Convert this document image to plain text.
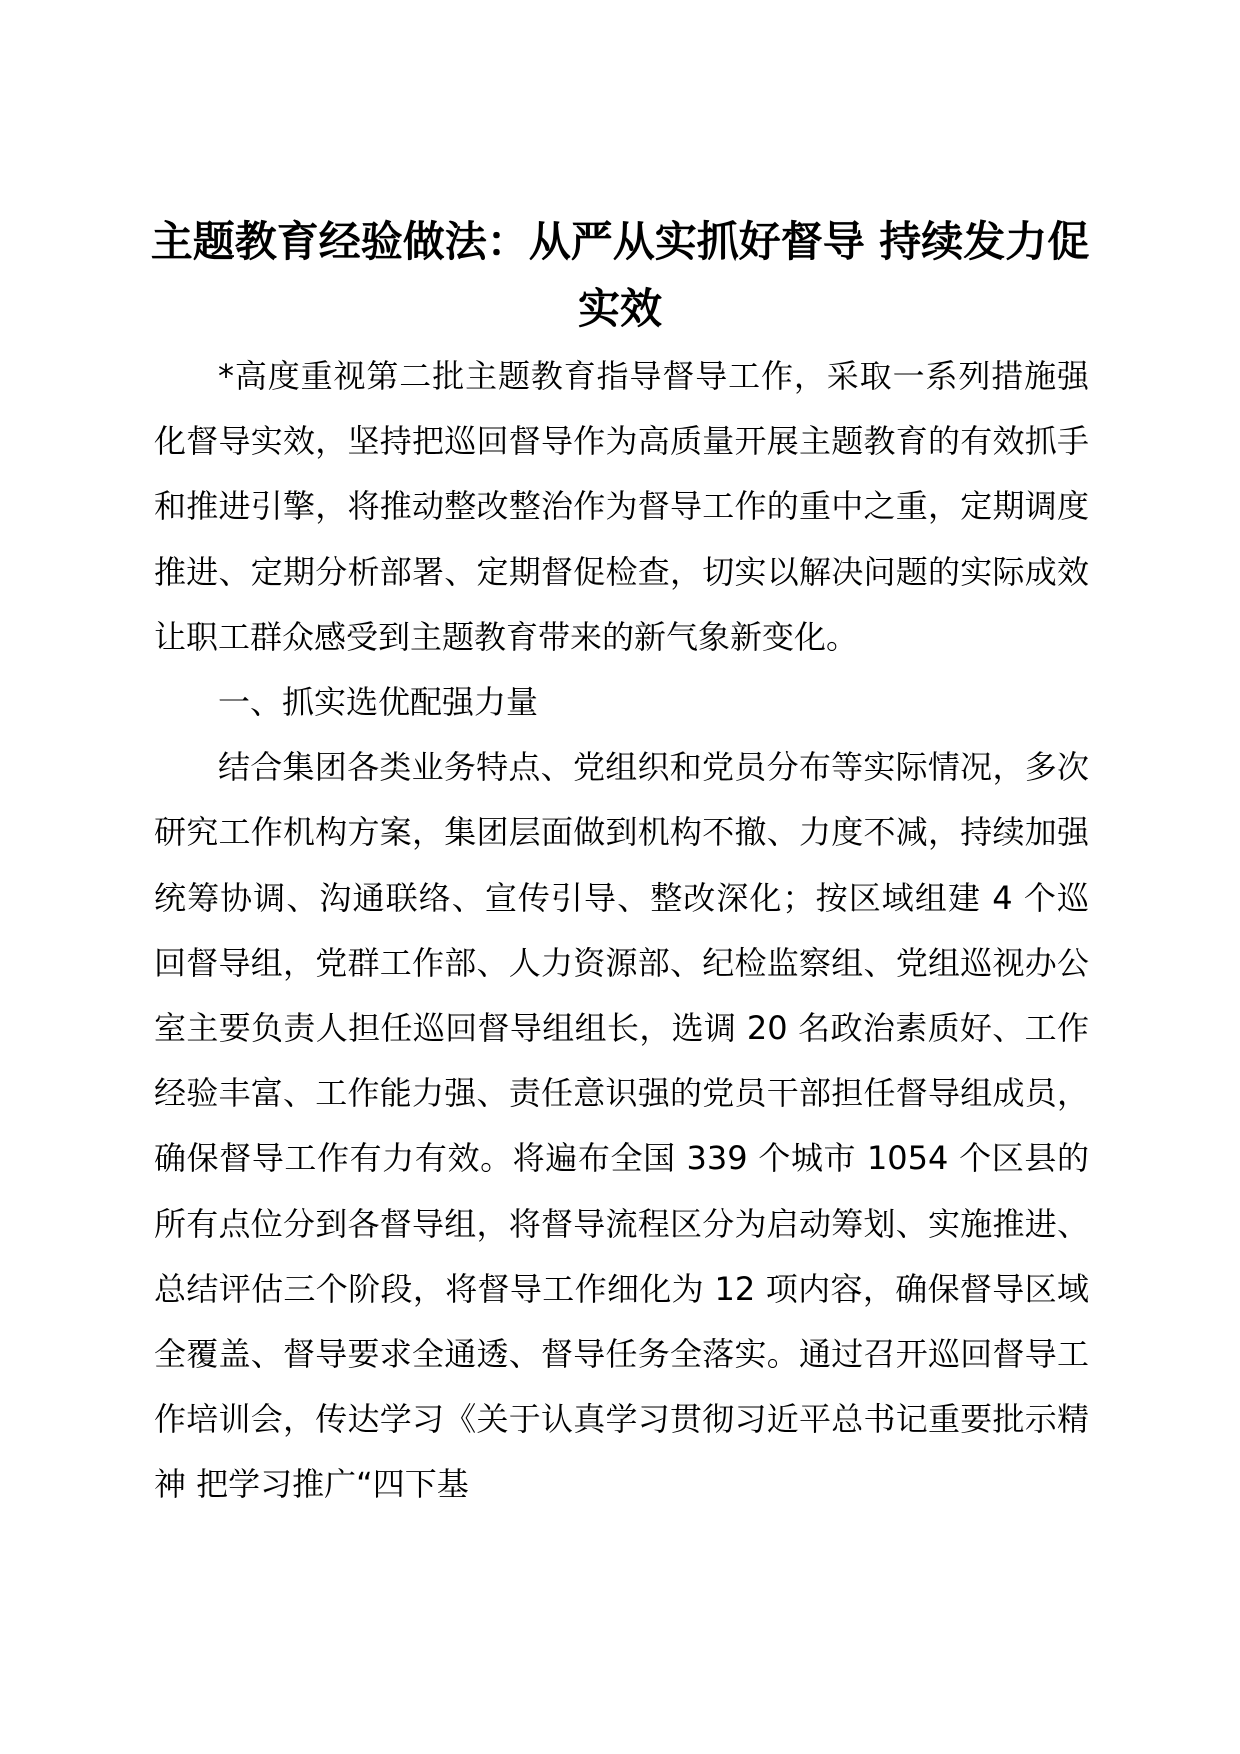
主题教育经验做法：从严从实抓好督导 持续发力促实效

*高度重视第二批主题教育指导督导工作，采取一系列措施强化督导实效，坚持把巡回督导作为高质量开展主题教育的有效抓手和推进引擎，将推动整改整治作为督导工作的重中之重，定期调度推进、定期分析部署、定期督促检查，切实以解决问题的实际成效让职工群众感受到主题教育带来的新气象新变化。

一、抓实选优配强力量

结合集团各类业务特点、党组织和党员分布等实际情况，多次研究工作机构方案，集团层面做到机构不撤、力度不减，持续加强统筹协调、沟通联络、宣传引导、整改深化；按区域组建 4 个巡回督导组，党群工作部、人力资源部、纪检监察组、党组巡视办公室主要负责人担任巡回督导组组长，选调 20 名政治素质好、工作经验丰富、工作能力强、责任意识强的党员干部担任督导组成员，确保督导工作有力有效。将遍布全国 339 个城市 1054 个区县的所有点位分到各督导组，将督导流程区分为启动筹划、实施推进、总结评估三个阶段，将督导工作细化为 12 项内容，确保督导区域全覆盖、督导要求全通透、督导任务全落实。通过召开巡回督导工作培训会，传达学习《关于认真学习贯彻习近平总书记重要批示精神 把学习推广“四下基
